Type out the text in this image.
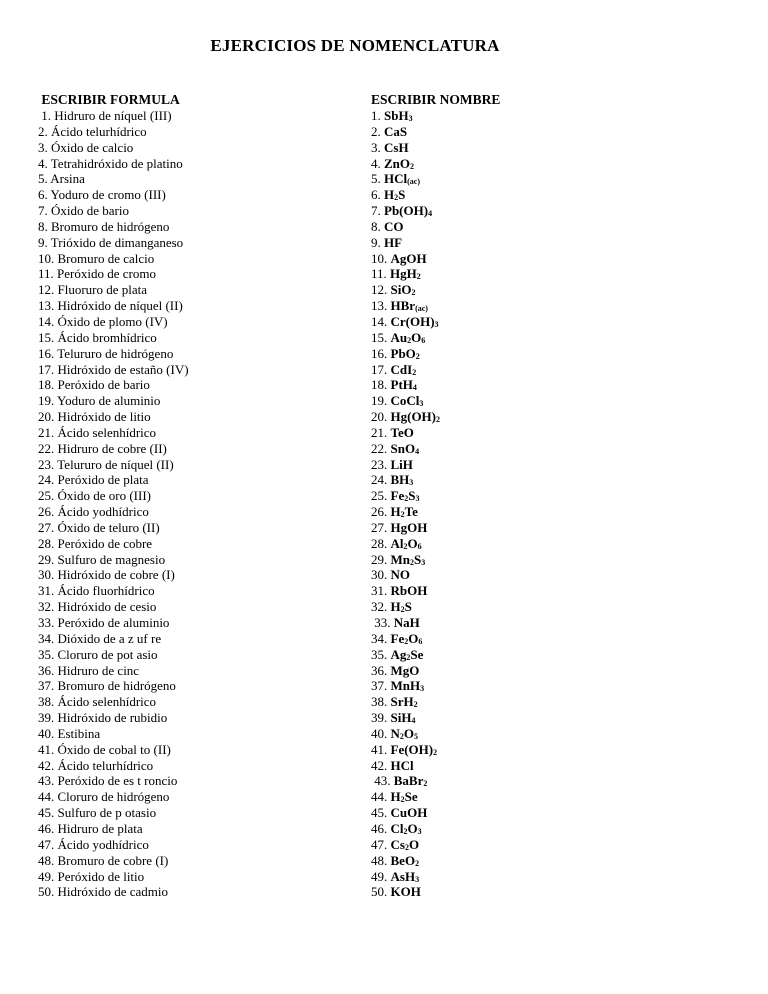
EJERCICIOS DE NOMENCLATURA
ESCRIBIR FORMULA
1. Hidruro de níquel (III)
2. Ácido telurhídrico
3. Óxido de calcio
4. Tetrahidróxido de platino
5. Arsina
6. Yoduro de cromo (III)
7. Óxido de bario
8. Bromuro de hidrógeno
9. Trióxido de dimanganeso
10. Bromuro de calcio
11. Peróxido de cromo
12. Fluoruro de plata
13. Hidróxido de níquel (II)
14. Óxido de plomo (IV)
15. Ácido bromhídrico
16. Telururo de hidrógeno
17. Hidróxido de estaño (IV)
18. Peróxido de bario
19. Yoduro de aluminio
20. Hidróxido de litio
21. Ácido selenhídrico
22. Hidruro de cobre (II)
23. Telururo de níquel (II)
24. Peróxido de plata
25. Óxido de oro (III)
26. Ácido yodhídrico
27. Óxido de teluro (II)
28. Peróxido de cobre
29. Sulfuro de magnesio
30. Hidróxido de cobre (I)
31. Ácido fluorhídrico
32. Hidróxido de cesio
33. Peróxido de aluminio
34. Dióxido de a z uf re
35. Cloruro de pot asio
36. Hidruro de cinc
37. Bromuro de hidrógeno
38. Ácido selenhídrico
39. Hidróxido de rubidio
40. Estibina
41. Óxido de cobal to (II)
42. Ácido telurhídrico
43. Peróxido de es t roncio
44. Cloruro de hidrógeno
45. Sulfuro de p otasio
46. Hidruro de plata
47. Ácido yodhídrico
48. Bromuro de cobre (I)
49. Peróxido de litio
50. Hidróxido de cadmio
ESCRIBIR NOMBRE
1. SbH$_3$
2. CaS
3. CsH
4. ZnO$_2$
5. HCl$_{(ac)}$
6. $H_2S$
7. $Pb(OH)_4$
8. CO
9. HF
10. AgOH
11. HgH$_2$
12. SiO$_2$
13. HBr$_{(ac)}$
14. $Cr(OH)_3$
15. $Au_2O_6$
16. PbO$_2$
17. CdI$_2$
18. PtH$_4$
19. CoCl$_3$
20. $Hg(OH)_2$
21. TeO
22. SnO$_4$
23. LiH
24. $BH_3$
25. $Fe_2S_3$
26. $H_2Te$
27. HgOH
28. $Al_2O_6$
29. $Mn_2S_3$
30. NO
31. RbOH
32. $H_2S$
33. NaH
34. $Fe_2O_6$
35. $Ag_2Se$
36. MgO
37. MnH$_3$
38. SrH$_2$
39. SiH$_4$
40. $N_2O_5$
41. $Fe(OH)_2$
42. HCl
43. BaBr$_2$
44. $H_2Se$
45. CuOH
46. $Cl_2O_3$
47. $Cs_2O$
48. BeO$_2$
49. AsH$_3$
50. KOH
